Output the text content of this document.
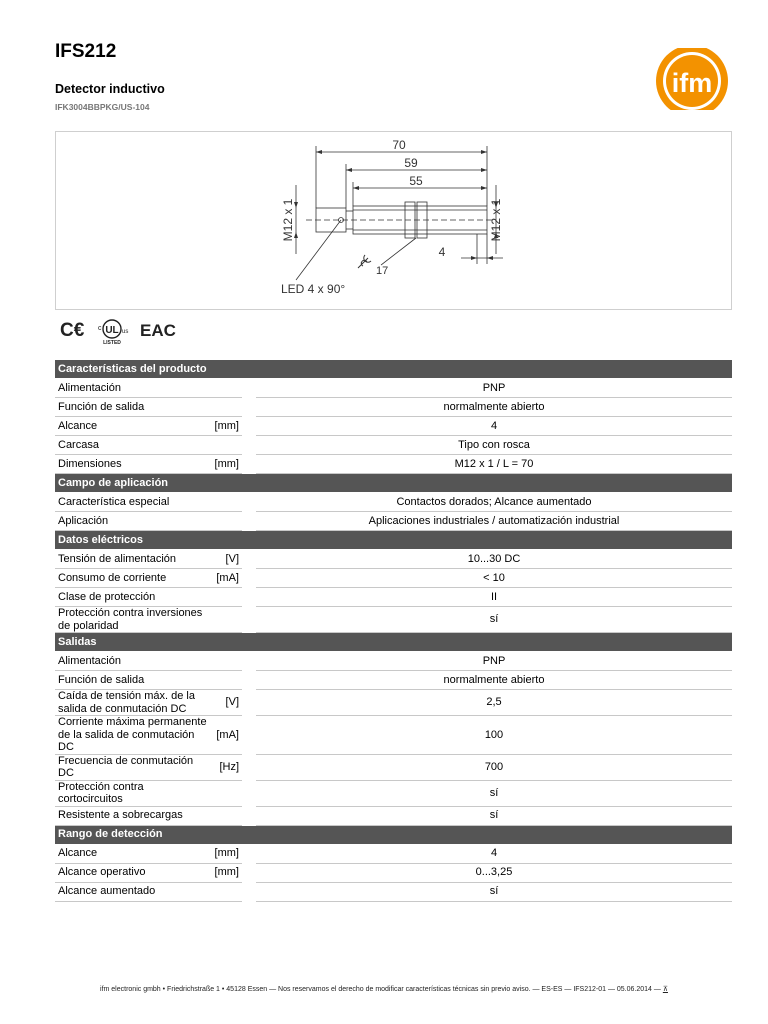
IFS212
Detector inductivo
IFK3004BBPKG/US-104
ifm
70
59
55
4
M12 x 1	M12 x 1
17
LED 4 x 90°
C€ UL
c	us
LISTED
EAC
Características del producto			
Alimentación			PNP
Función de salida			normalmente abierto
Alcance	[mm]		4
Carcasa			Tipo con rosca
Dimensiones	[mm]		M12 x 1 / L = 70
Campo de aplicación			
Característica especial			Contactos dorados; Alcance aumentado
Aplicación			Aplicaciones industriales / automatización industrial
Datos eléctricos			
Tensión de alimentación	[V]		10...30 DC
Consumo de corriente	[mA]		< 10
Clase de protección			II
Protección contra inversiones de polaridad			sí
Salidas			
Alimentación			PNP
Función de salida			normalmente abierto
Caída de tensión máx. de la salida de conmutación DC	[V]		2,5
Corriente máxima permanente de la salida de conmutación DC	[mA]		100
Frecuencia de conmutación DC	[Hz]		700
Protección contra cortocircuitos			sí
Resistente a sobrecargas			sí
Rango de detección			
Alcance	[mm]		4
Alcance operativo	[mm]		0...3,25
Alcance aumentado			sí
ifm electronic gmbh • Friedrichstraße 1 • 45128 Essen — Nos reservamos el derecho de modificar características técnicas sin previo aviso. — ES-ES — IFS212-01 — 05.06.2014 — ⊼
